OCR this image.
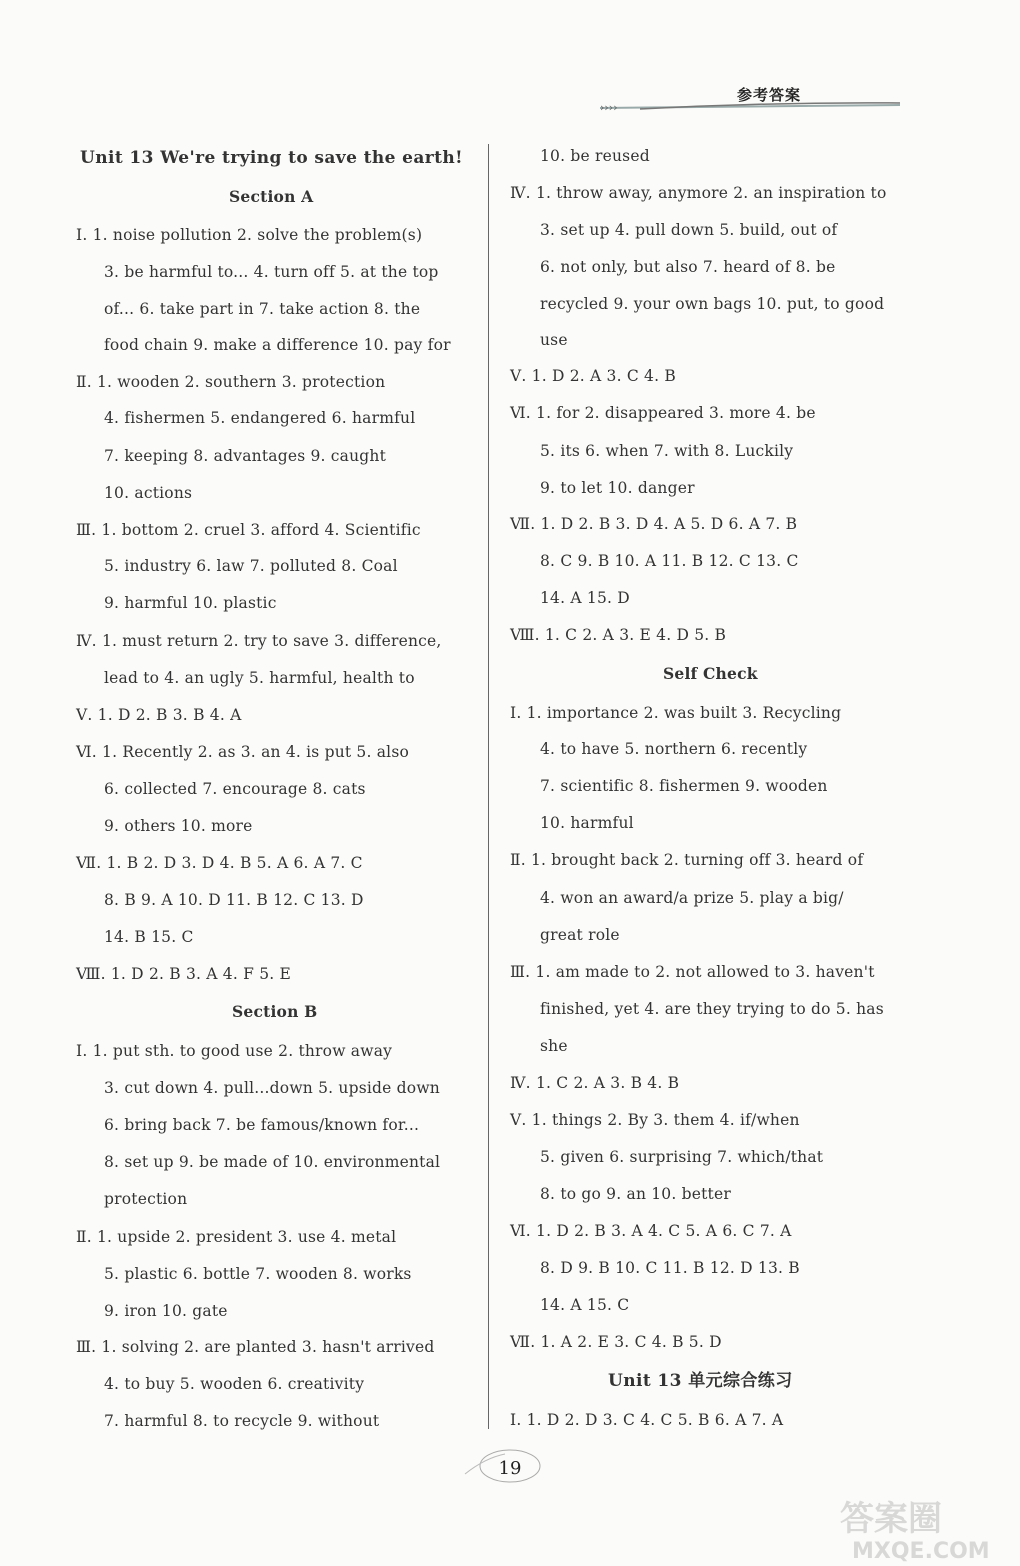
参考答案
››››
Unit 13 We're trying to save the earth!
Section A
Ⅰ. 1. noise pollution 2. solve the problem(s)
3. be harmful to... 4. turn off 5. at the top
of... 6. take part in 7. take action 8. the
food chain 9. make a difference 10. pay for
Ⅱ. 1. wooden 2. southern 3. protection
4. fishermen 5. endangered 6. harmful
7. keeping 8. advantages 9. caught
10. actions
Ⅲ. 1. bottom 2. cruel 3. afford 4. Scientific
5. industry 6. law 7. polluted 8. Coal
9. harmful 10. plastic
Ⅳ. 1. must return 2. try to save 3. difference,
lead to 4. an ugly 5. harmful, health to
Ⅴ. 1. D 2. B 3. B 4. A
Ⅵ. 1. Recently 2. as 3. an 4. is put 5. also
6. collected 7. encourage 8. cats
9. others 10. more
Ⅶ. 1. B 2. D 3. D 4. B 5. A 6. A 7. C
8. B 9. A 10. D 11. B 12. C 13. D
14. B 15. C
Ⅷ. 1. D 2. B 3. A 4. F 5. E
Section B
Ⅰ. 1. put sth. to good use 2. throw away
3. cut down 4. pull...down 5. upside down
6. bring back 7. be famous/known for...
8. set up 9. be made of 10. environmental
protection
Ⅱ. 1. upside 2. president 3. use 4. metal
5. plastic 6. bottle 7. wooden 8. works
9. iron 10. gate
Ⅲ. 1. solving 2. are planted 3. hasn't arrived
4. to buy 5. wooden 6. creativity
7. harmful 8. to recycle 9. without
10. be reused
Ⅳ. 1. throw away, anymore 2. an inspiration to
3. set up 4. pull down 5. build, out of
6. not only, but also 7. heard of 8. be
recycled 9. your own bags 10. put, to good
use
Ⅴ. 1. D 2. A 3. C 4. B
Ⅵ. 1. for 2. disappeared 3. more 4. be
5. its 6. when 7. with 8. Luckily
9. to let 10. danger
Ⅶ. 1. D 2. B 3. D 4. A 5. D 6. A 7. B
8. C 9. B 10. A 11. B 12. C 13. C
14. A 15. D
Ⅷ. 1. C 2. A 3. E 4. D 5. B
Self Check
Ⅰ. 1. importance 2. was built 3. Recycling
4. to have 5. northern 6. recently
7. scientific 8. fishermen 9. wooden
10. harmful
Ⅱ. 1. brought back 2. turning off 3. heard of
4. won an award/a prize 5. play a big/
great role
Ⅲ. 1. am made to 2. not allowed to 3. haven't
finished, yet 4. are they trying to do 5. has
she
Ⅳ. 1. C 2. A 3. B 4. B
Ⅴ. 1. things 2. By 3. them 4. if/when
5. given 6. surprising 7. which/that
8. to go 9. an 10. better
Ⅵ. 1. D 2. B 3. A 4. C 5. A 6. C 7. A
8. D 9. B 10. C 11. B 12. D 13. B
14. A 15. C
Ⅶ. 1. A 2. E 3. C 4. B 5. D
Unit 13 单元综合练习
Ⅰ. 1. D 2. D 3. C 4. C 5. B 6. A 7. A
19
答案圈
MXQE.COM
